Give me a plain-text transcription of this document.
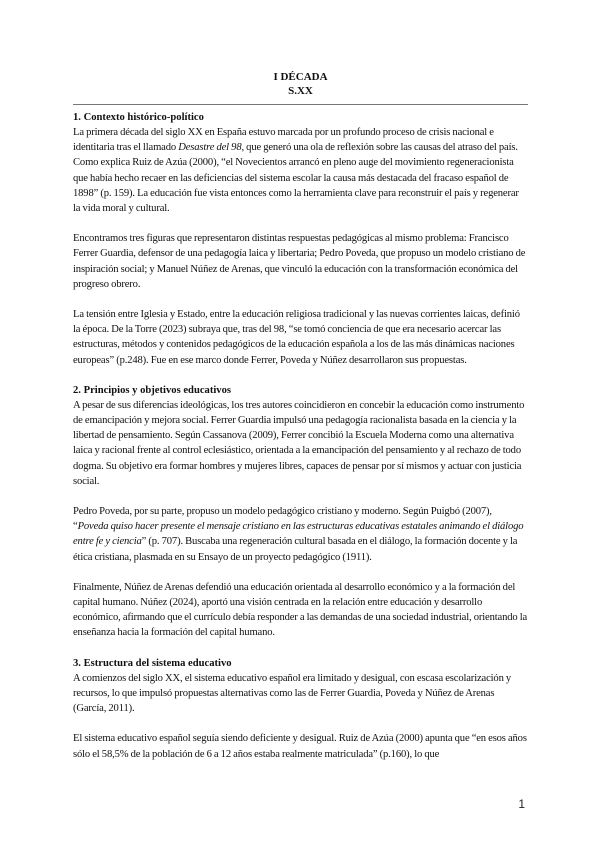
I DÉCADA

S.XX

1. Contexto histórico-político

La primera década del siglo XX en España estuvo marcada por un profundo proceso de crisis nacional e identitaria tras el llamado Desastre del 98, que generó una ola de reflexión sobre las causas del atraso del país. Como explica Ruiz de Azúa (2000), “el Novecientos arrancó en pleno auge del movimiento regeneracionista que había hecho recaer en las deficiencias del sistema escolar la causa más destacada del fracaso español de 1898” (p. 159). La educación fue vista entonces como la herramienta clave para reconstruir el país y regenerar la vida moral y cultural.

Encontramos tres figuras que representaron distintas respuestas pedagógicas al mismo problema: Francisco Ferrer Guardia, defensor de una pedagogía laica y libertaria; Pedro Poveda, que propuso un modelo cristiano de inspiración social; y Manuel Núñez de Arenas, que vinculó la educación con la transformación económica del progreso obrero.

La tensión entre Iglesia y Estado, entre la educación religiosa tradicional y las nuevas corrientes laicas, definió la época. De la Torre (2023) subraya que, tras del 98, “se tomó conciencia de que era necesario acercar las estructuras, métodos y contenidos pedagógicos de la educación española a los de las más dinámicas naciones europeas” (p.248). Fue en ese marco donde Ferrer, Poveda y Núñez desarrollaron sus propuestas.

2. Principios y objetivos educativos

A pesar de sus diferencias ideológicas, los tres autores coincidieron en concebir la educación como instrumento de emancipación y mejora social. Ferrer Guardia impulsó una pedagogía racionalista basada en la ciencia y la libertad de pensamiento. Según Cassanova (2009), Ferrer concibió la Escuela Moderna como una alternativa laica y racional frente al control eclesiástico, orientada a la emancipación del pensamiento y al rechazo de todo dogma. Su objetivo era formar hombres y mujeres libres, capaces de pensar por sí mismos y actuar con justicia social.

Pedro Poveda, por su parte, propuso un modelo pedagógico cristiano y moderno. Según Puigbó (2007), “Poveda quiso hacer presente el mensaje cristiano en las estructuras educativas estatales animando el diálogo entre fe y ciencia” (p. 707). Buscaba una regeneración cultural basada en el diálogo, la formación docente y la ética cristiana, plasmada en su Ensayo de un proyecto pedagógico (1911).

Finalmente, Núñez de Arenas defendió una educación orientada al desarrollo económico y a la formación del capital humano. Núñez (2024), aportó una visión centrada en la relación entre educación y desarrollo económico, afirmando que el currículo debía responder a las demandas de una sociedad industrial, orientando la enseñanza hacia la formación del capital humano.

3. Estructura del sistema educativo

A comienzos del siglo XX, el sistema educativo español era limitado y desigual, con escasa escolarización y recursos, lo que impulsó propuestas alternativas como las de Ferrer Guardia, Poveda y Núñez de Arenas (García, 2011).

El sistema educativo español seguía siendo deficiente y desigual. Ruiz de Azúa (2000) apunta que “en esos años sólo el 58,5% de la población de 6 a 12 años estaba realmente matriculada” (p.160), lo que

1
